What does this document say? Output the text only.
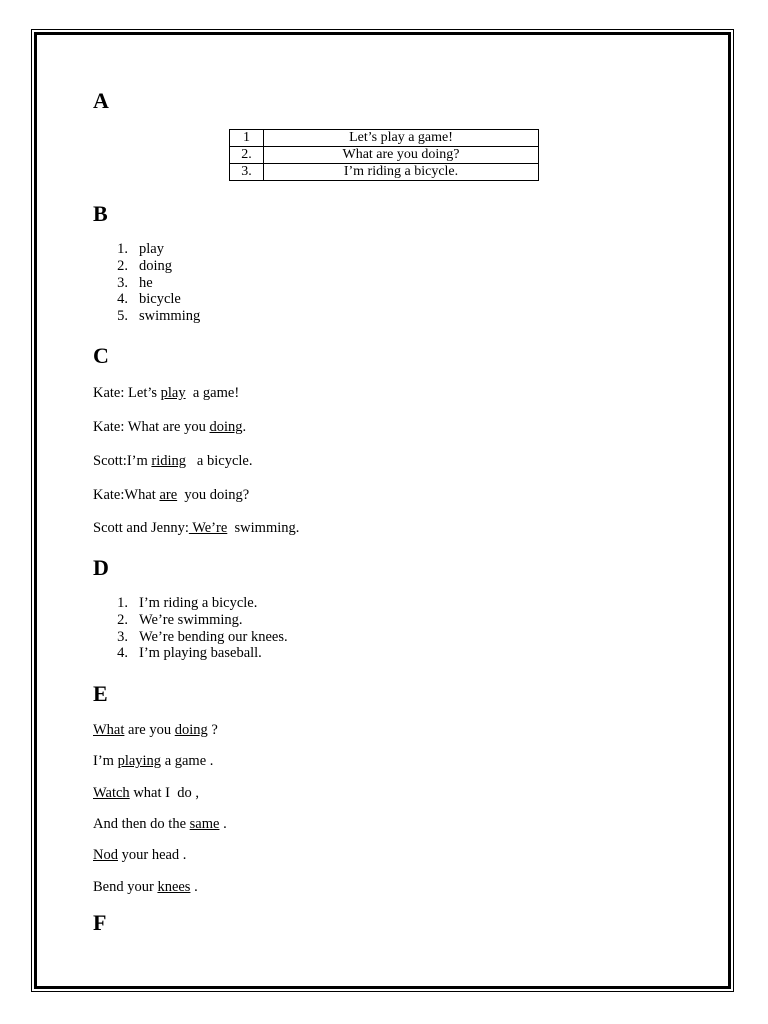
A
1	Let’s play a game!
2.	What are you doing?
3.	I’m riding a bicycle.
B
1. play
2. doing
3. he
4. bicycle
5. swimming
C

Kate: Let’s play  a game!

Kate: What are you doing.

Scott:I’m riding   a bicycle.

Kate:What are  you doing?

Scott and Jenny: We’re  swimming.

D
1. I’m riding a bicycle.
2. We’re swimming.
3. We’re bending our knees.
4. I’m playing baseball.
E

What are you doing ?

I’m playing a game .

Watch what I  do ,

And then do the same .

Nod your head .

Bend your knees .

F
